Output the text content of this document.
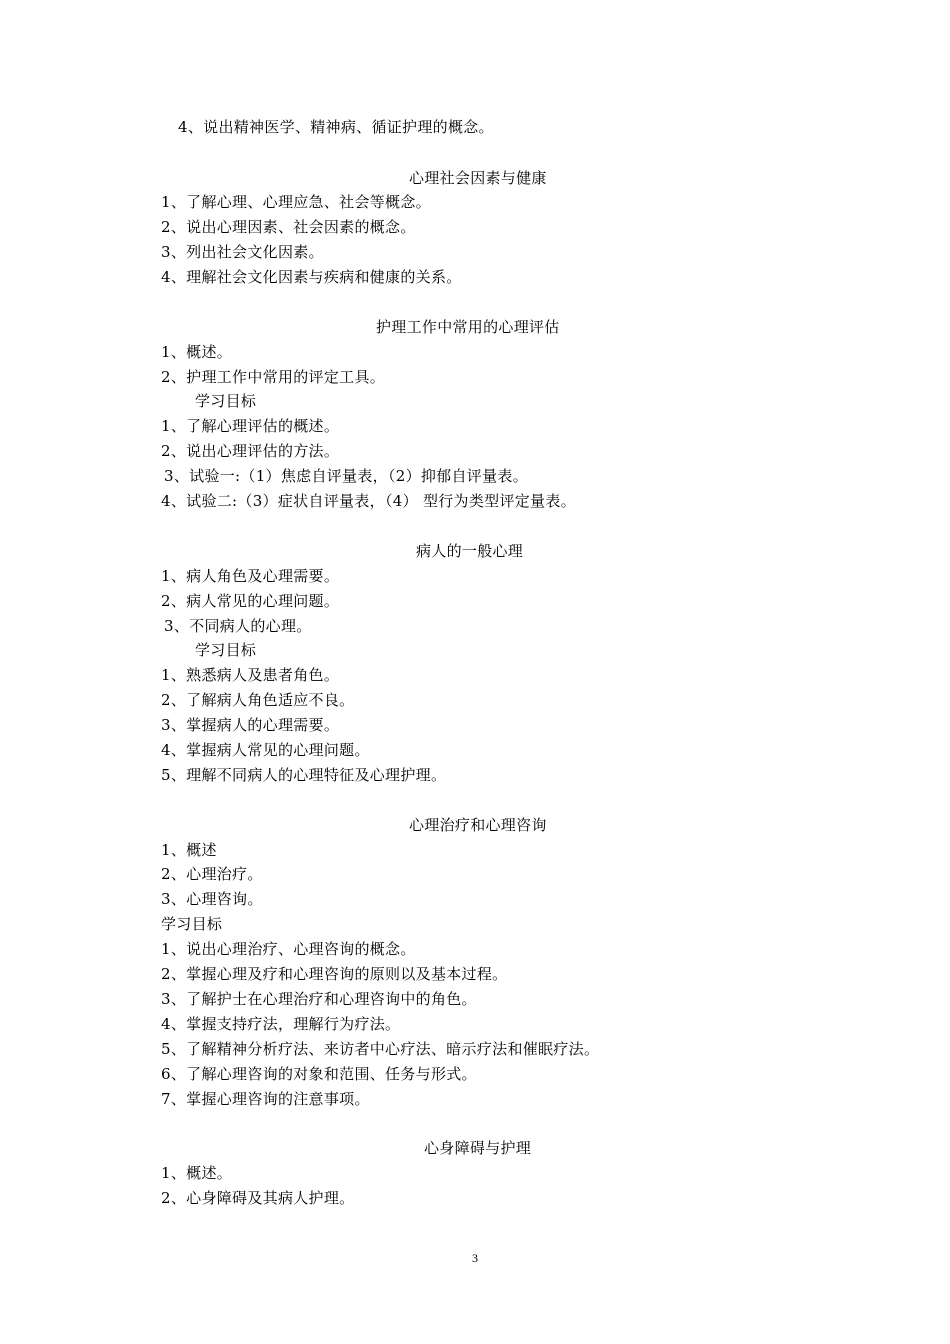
4、说出精神医学、精神病、循证护理的概念。
心理社会因素与健康
1、了解心理、心理应急、社会等概念。
2、说出心理因素、社会因素的概念。
3、列出社会文化因素。
4、理解社会文化因素与疾病和健康的关系。
护理工作中常用的心理评估
1、概述。
2、护理工作中常用的评定工具。
学习目标
1、了解心理评估的概述。
2、说出心理评估的方法。
3、试验一:（1）焦虑自评量表，（2）抑郁自评量表。
4、试验二:（3）症状自评量表，（4） 型行为类型评定量表。
病人的一般心理
1、病人角色及心理需要。
2、病人常见的心理问题。
3、不同病人的心理。
学习目标
1、熟悉病人及患者角色。
2、了解病人角色适应不良。
3、掌握病人的心理需要。
4、掌握病人常见的心理问题。
5、理解不同病人的心理特征及心理护理。
心理治疗和心理咨询
1、概述
2、心理治疗。
3、心理咨询。
学习目标
1、说出心理治疗、心理咨询的概念。
2、掌握心理及疗和心理咨询的原则以及基本过程。
3、了解护士在心理治疗和心理咨询中的角色。
4、掌握支持疗法，理解行为疗法。
5、了解精神分析疗法、来访者中心疗法、暗示疗法和催眠疗法。
6、了解心理咨询的对象和范围、任务与形式。
7、掌握心理咨询的注意事项。
心身障碍与护理
1、概述。
2、心身障碍及其病人护理。
3
